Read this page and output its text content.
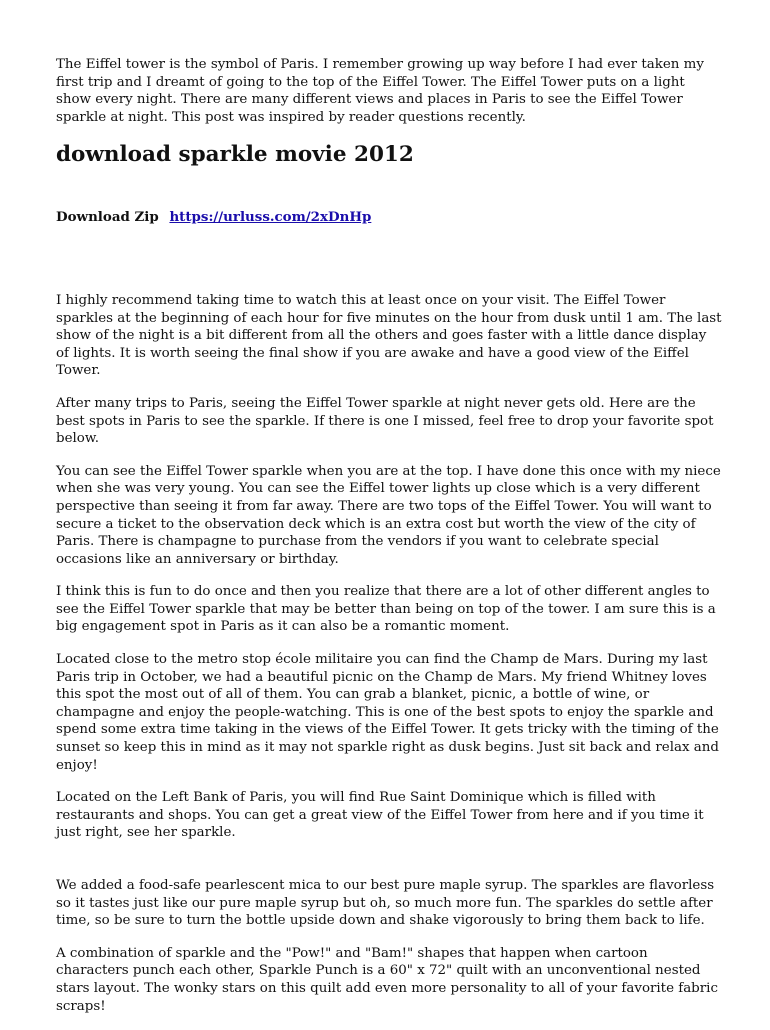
The Eiffel tower is the symbol of Paris. I remember growing up way before I had ever taken my first trip and I dreamt of going to the top of the Eiffel Tower. The Eiffel Tower puts on a light show every night. There are many different views and places in Paris to see the Eiffel Tower sparkle at night. This post was inspired by reader questions recently.

download sparkle movie 2012

Download Zip https://urluss.com/2xDnHp

I highly recommend taking time to watch this at least once on your visit. The Eiffel Tower sparkles at the beginning of each hour for five minutes on the hour from dusk until 1 am. The last show of the night is a bit different from all the others and goes faster with a little dance display of lights. It is worth seeing the final show if you are awake and have a good view of the Eiffel Tower.

After many trips to Paris, seeing the Eiffel Tower sparkle at night never gets old. Here are the best spots in Paris to see the sparkle. If there is one I missed, feel free to drop your favorite spot below.

You can see the Eiffel Tower sparkle when you are at the top. I have done this once with my niece when she was very young. You can see the Eiffel tower lights up close which is a very different perspective than seeing it from far away. There are two tops of the Eiffel Tower. You will want to secure a ticket to the observation deck which is an extra cost but worth the view of the city of Paris. There is champagne to purchase from the vendors if you want to celebrate special occasions like an anniversary or birthday.

I think this is fun to do once and then you realize that there are a lot of other different angles to see the Eiffel Tower sparkle that may be better than being on top of the tower. I am sure this is a big engagement spot in Paris as it can also be a romantic moment.

Located close to the metro stop école militaire you can find the Champ de Mars. During my last Paris trip in October, we had a beautiful picnic on the Champ de Mars. My friend Whitney loves this spot the most out of all of them. You can grab a blanket, picnic, a bottle of wine, or champagne and enjoy the people-watching. This is one of the best spots to enjoy the sparkle and spend some extra time taking in the views of the Eiffel Tower. It gets tricky with the timing of the sunset so keep this in mind as it may not sparkle right as dusk begins. Just sit back and relax and enjoy!

Located on the Left Bank of Paris, you will find Rue Saint Dominique which is filled with restaurants and shops. You can get a great view of the Eiffel Tower from here and if you time it just right, see her sparkle.

We added a food-safe pearlescent mica to our best pure maple syrup. The sparkles are flavorless so it tastes just like our pure maple syrup but oh, so much more fun. The sparkles do settle after time, so be sure to turn the bottle upside down and shake vigorously to bring them back to life.

A combination of sparkle and the "Pow!" and "Bam!" shapes that happen when cartoon characters punch each other, Sparkle Punch is a 60" x 72" quilt with an unconventional nested stars layout. The wonky stars on this quilt add even more personality to all of your favorite fabric scraps!
